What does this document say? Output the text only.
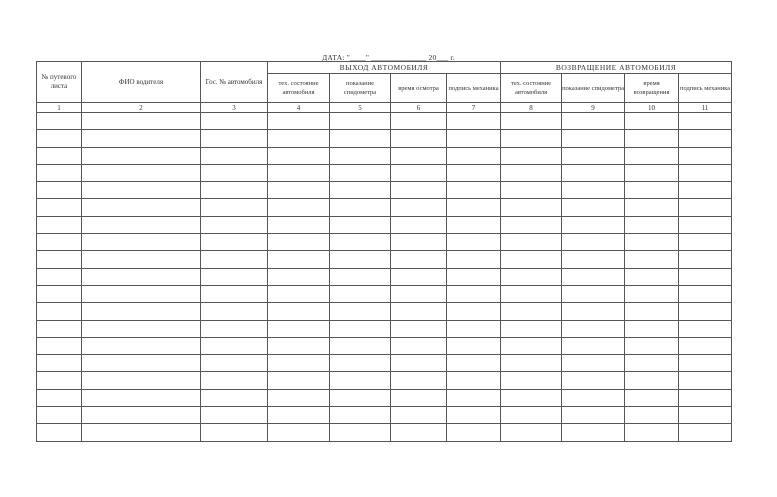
ДАТА: "____" ______________ 20___ г.
№ путевого листа	ФИО водителя	Гос. № автомобиля	ВЫХОД АВТОМОБИЛЯ				ВОЗВРАЩЕНИЕ АВТОМОБИЛЯ			
			тех. состояние автомобиля	показание спидометра	время осмотра	подпись механика	тех. состояние автомобиля	показание спидометра	время возвращения	подпись механика
1	2	3	4	5	6	7	8	9	10	11
